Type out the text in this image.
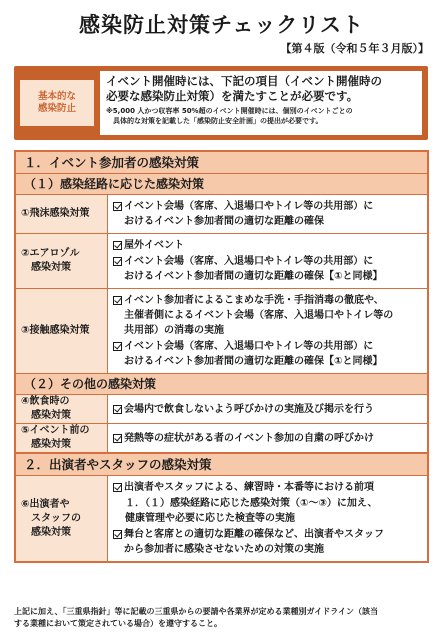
感染防止対策チェックリスト
【第４版（令和５年３月版）】
基本的な
感染防止
イベント開催時には、下記の項目（イベント開催時の
必要な感染防止対策）を満たすことが必要です。
※5,000 人かつ収容率 50%超のイベント開催時には、個別のイベントごとの
　具体的な対策を記載した「感染防止安全計画」の提出が必要です。
１．イベント参加者の感染対策
（１）感染経路に応じた感染対策
①飛沫感染対策
イベント会場（客席、入退場口やトイレ等の共用部）に
おけるイベント参加者間の適切な距離の確保
②エアロゾル
　感染対策
屋外イベント
イベント会場（客席、入退場口やトイレ等の共用部）に
おけるイベント参加者間の適切な距離の確保【①と同様】
③接触感染対策
イベント参加者によるこまめな手洗・手指消毒の徹底や、
主催者側によるイベント会場（客席、入退場口やトイレ等の
共用部）の消毒の実施
イベント会場（客席、入退場口やトイレ等の共用部）に
おけるイベント参加者間の適切な距離の確保【①と同様】
（２）その他の感染対策
④飲食時の
　感染対策
会場内で飲食しないよう呼びかけの実施及び掲示を行う
⑤イベント前の
　感染対策
発熱等の症状がある者のイベント参加の自粛の呼びかけ
２．出演者やスタッフの感染対策
⑥出演者や
　スタッフの
　感染対策
出演者やスタッフによる、練習時・本番等における前項
１．（１）感染経路に応じた感染対策（①～③）に加え、
健康管理や必要に応じた検査等の実施
舞台と客席との適切な距離の確保など、出演者やスタッフ
から参加者に感染させないための対策の実施
上記に加え、「三重県指針」等に記載の三重県からの要請や各業界が定める業種別ガイドライン（該当
する業種において策定されている場合）を遵守すること。
